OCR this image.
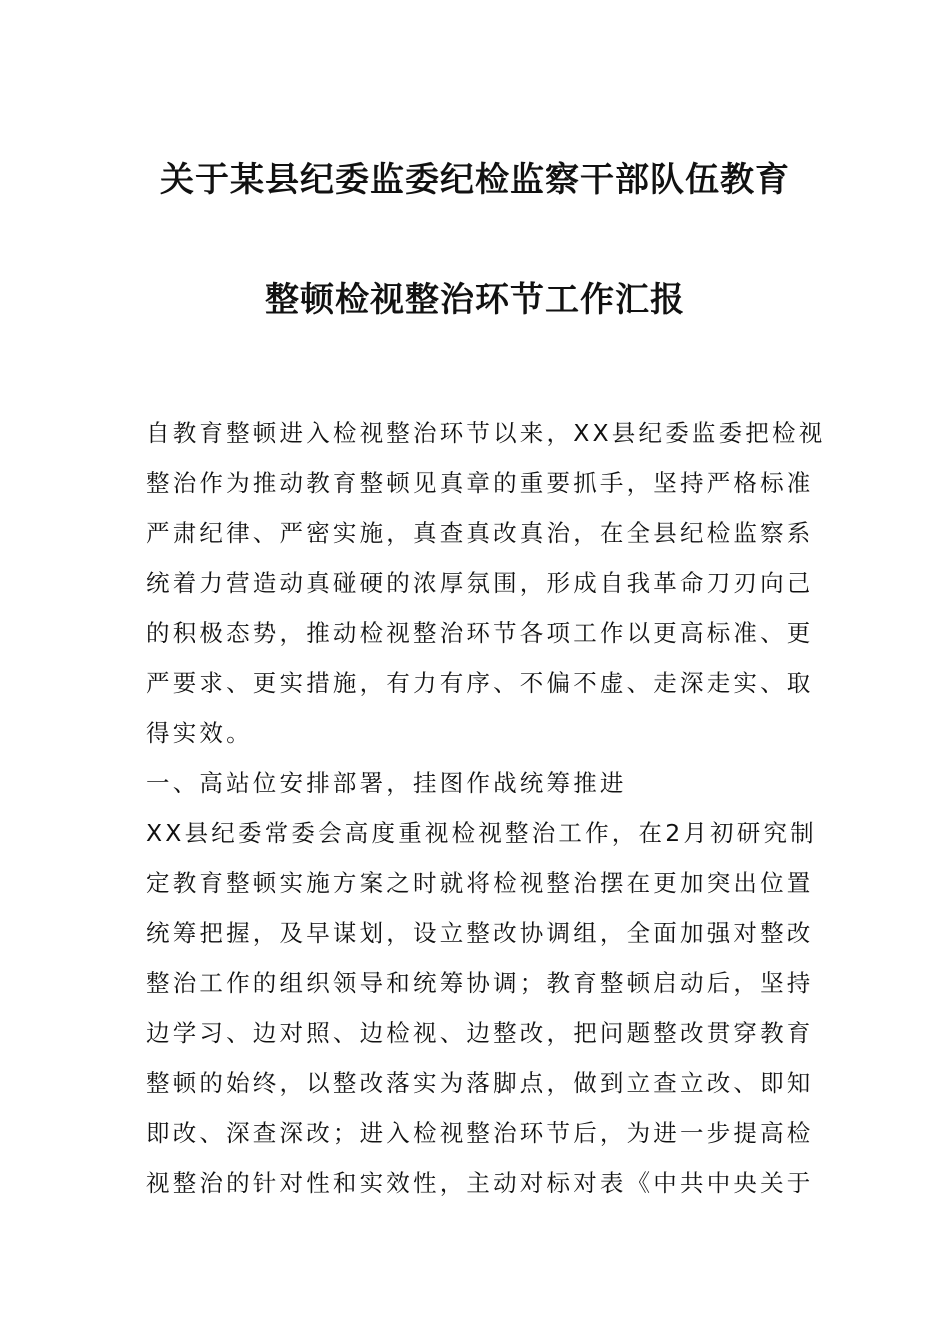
关于某县纪委监委纪检监察干部队伍教育
整顿检视整治环节工作汇报

自教育整顿进入检视整治环节以来，XX县纪委监委把检视
整治作为推动教育整顿见真章的重要抓手，坚持严格标准
严肃纪律、严密实施，真查真改真治，在全县纪检监察系
统着力营造动真碰硬的浓厚氛围，形成自我革命刀刃向己
的积极态势，推动检视整治环节各项工作以更高标准、更
严要求、更实措施，有力有序、不偏不虚、走深走实、取
得实效。

一、高站位安排部署，挂图作战统筹推进

XX县纪委常委会高度重视检视整治工作，在2月初研究制
定教育整顿实施方案之时就将检视整治摆在更加突出位置
统筹把握，及早谋划，设立整改协调组，全面加强对整改
整治工作的组织领导和统筹协调；教育整顿启动后，坚持
边学习、边对照、边检视、边整改，把问题整改贯穿教育
整顿的始终，以整改落实为落脚点，做到立查立改、即知
即改、深查深改；进入检视整治环节后，为进一步提高检
视整治的针对性和实效性，主动对标对表《中共中央关于
